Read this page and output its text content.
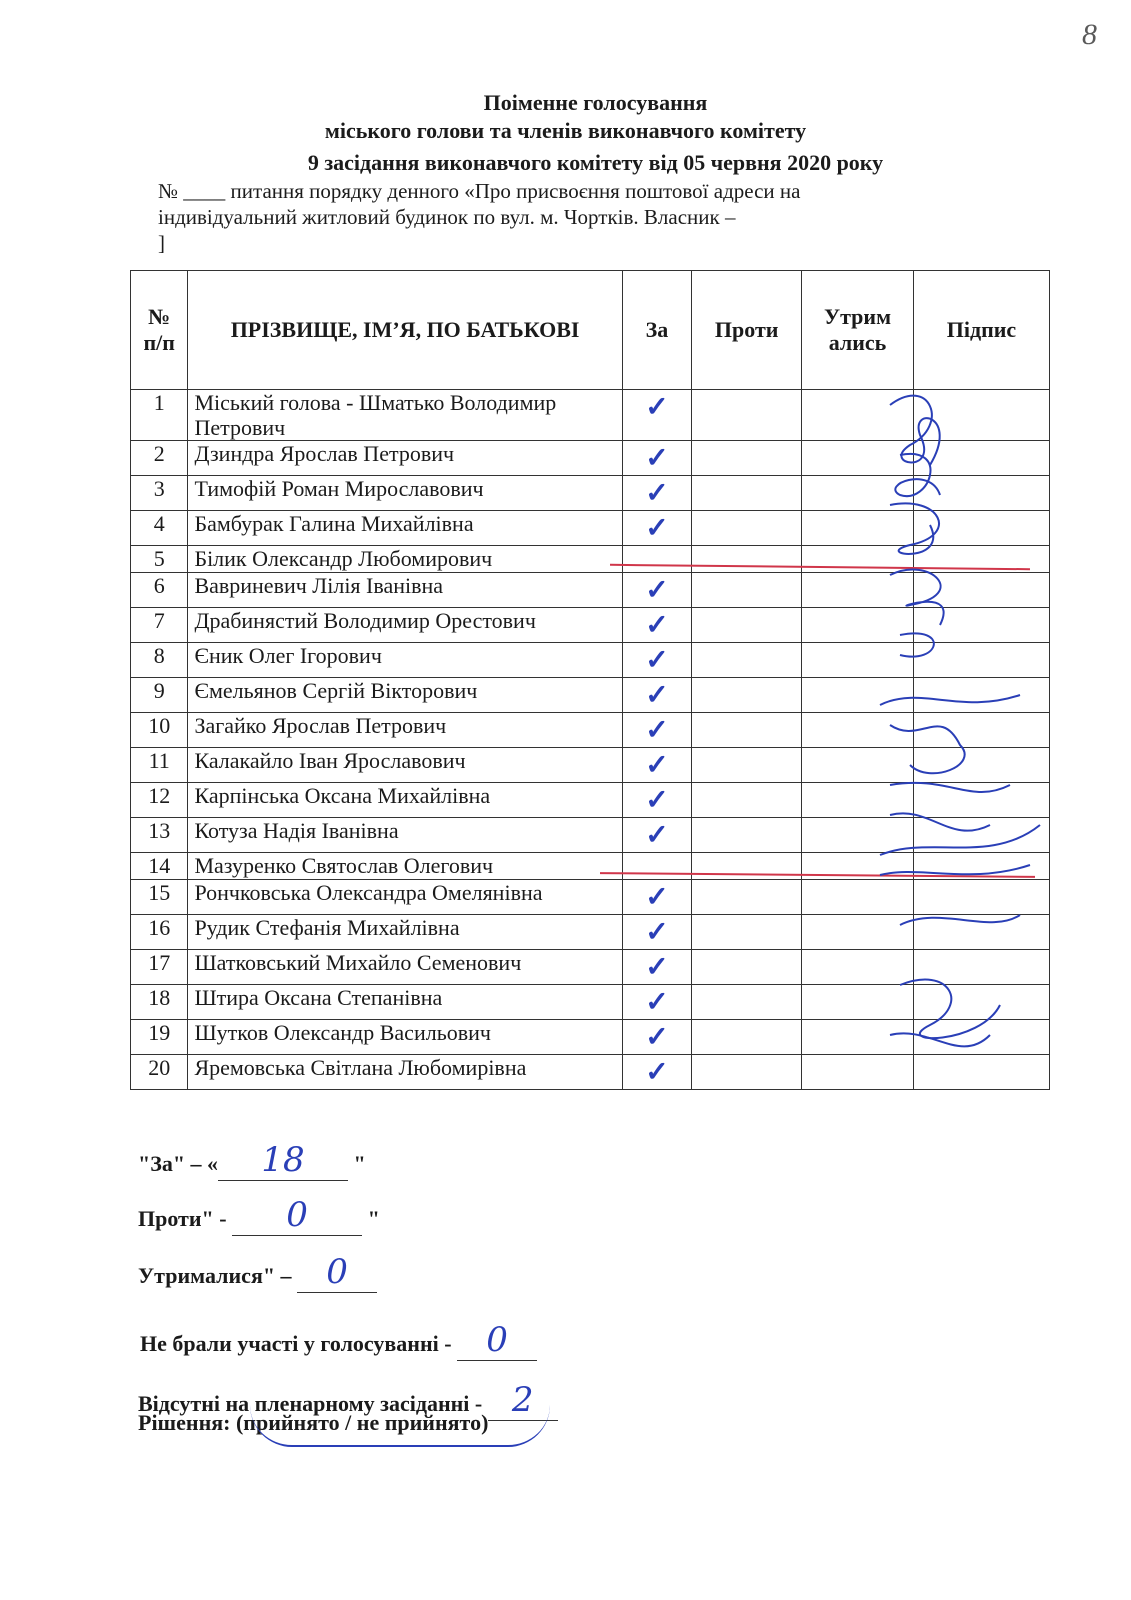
8
Поіменне голосування
міського голови та членів виконавчого комітету
9 засідання виконавчого комітету від 05 червня 2020 року
№ ____ питання порядку денного «Про присвоєння поштової адреси на
індивідуальний житловий будинок по вул. м. Чортків. Власник –
]
№ п/п	ПРІЗВИЩЕ, ІМ’Я, ПО БАТЬКОВІ	За	Проти	Утрим ались	Підпис
1	Міський голова - Шматько Володимир Петрович	✓			

2	Дзиндра Ярослав Петрович	✓			

3	Тимофій Роман Мирославович	✓			

4	Бамбурак Галина Михайлівна	✓			

5	Білик Олександр Любомирович	

6	Вавриневич Лілія Іванівна	✓			

7	Драбинястий Володимир Орестович	✓			

8	Єник Олег Ігорович	✓			

9	Ємельянов Сергій Вікторович	✓			

10	Загайко Ярослав Петрович	✓			

11	Калакайло Іван Ярославович	✓			

12	Карпінська Оксана Михайлівна	✓			

13	Котуза Надія Іванівна	✓			

14	Мазуренко Святослав Олегович	

15	Рончковська Олександра Омелянівна	✓			

16	Рудик Стефанія Михайлівна	✓			

17	Шатковський Михайло Семенович	✓			

18	Штира Оксана Степанівна	✓			

19	Шутков Олександр Васильович	✓			

20	Яремовська Світлана Любомирівна	✓			

"За" – « 18 "
Проти" - 0	"
Утрималися" – 0
Не брали участі у голосуванні - 0
Відсутні на пленарному засіданні - 2
Рішення: (прийнято / не прийнято)
